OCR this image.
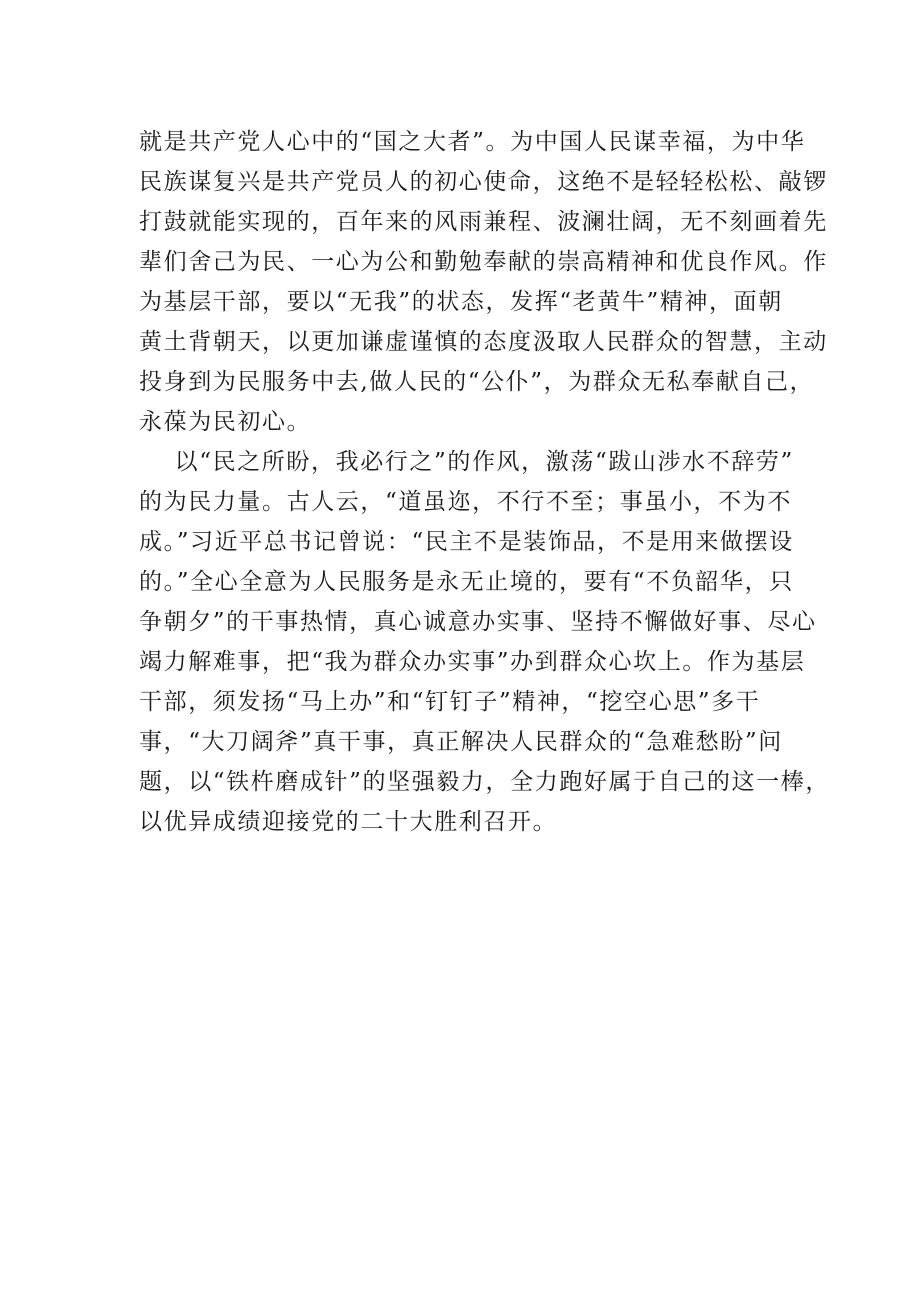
就是共产党人心中的“国之大者”。为中国人民谋幸福，为中华
民族谋复兴是共产党员人的初心使命，这绝不是轻轻松松、敲锣
打鼓就能实现的，百年来的风雨兼程、波澜壮阔，无不刻画着先
辈们舍己为民、一心为公和勤勉奉献的崇高精神和优良作风。作
为基层干部，要以“无我”的状态，发挥“老黄牛”精神，面朝
黄土背朝天，以更加谦虚谨慎的态度汲取人民群众的智慧，主动
投身到为民服务中去,做人民的“公仆”，为群众无私奉献自己，
永葆为民初心。
以“民之所盼，我必行之”的作风，激荡“跋山涉水不辞劳”
的为民力量。古人云，“道虽迩，不行不至；事虽小，不为不
成。”习近平总书记曾说：“民主不是装饰品，不是用来做摆设
的。”全心全意为人民服务是永无止境的，要有“不负韶华，只
争朝夕”的干事热情，真心诚意办实事、坚持不懈做好事、尽心
竭力解难事，把“我为群众办实事”办到群众心坎上。作为基层
干部，须发扬“马上办”和“钉钉子”精神，“挖空心思”多干
事，“大刀阔斧”真干事，真正解决人民群众的“急难愁盼”问
题，以“铁杵磨成针”的坚强毅力，全力跑好属于自己的这一棒，
以优异成绩迎接党的二十大胜利召开。
